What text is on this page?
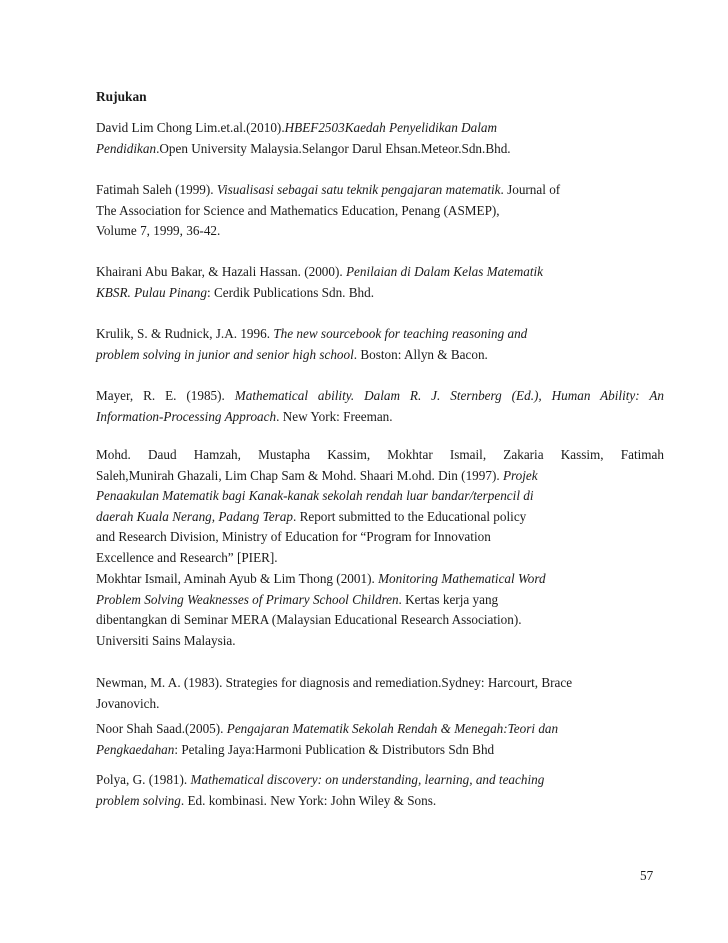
Rujukan
David Lim Chong Lim.et.al.(2010).HBEF2503Kaedah Penyelidikan Dalam
Pendidikan.Open University Malaysia.Selangor Darul Ehsan.Meteor.Sdn.Bhd.
Fatimah Saleh (1999). Visualisasi sebagai satu teknik pengajaran matematik. Journal of
The Association for Science and Mathematics Education, Penang (ASMEP),
Volume 7, 1999, 36-42.
Khairani Abu Bakar, & Hazali Hassan. (2000). Penilaian di Dalam Kelas Matematik
KBSR. Pulau Pinang: Cerdik Publications Sdn. Bhd.
Krulik, S. & Rudnick, J.A. 1996. The new sourcebook for teaching reasoning and
problem solving in junior and senior high school. Boston: Allyn & Bacon.
Mayer, R. E. (1985). Mathematical ability. Dalam R. J. Sternberg (Ed.), Human Ability: An
Information-Processing Approach. New York: Freeman.
Mohd. Daud Hamzah, Mustapha Kassim, Mokhtar Ismail, Zakaria Kassim, Fatimah
Saleh,Munirah Ghazali, Lim Chap Sam & Mohd. Shaari M.ohd. Din (1997). Projek
Penaakulan Matematik bagi Kanak-kanak sekolah rendah luar bandar/terpencil di
daerah Kuala Nerang, Padang Terap. Report submitted to the Educational policy
and Research Division, Ministry of Education for “Program for Innovation
Excellence and Research” [PIER].
Mokhtar Ismail, Aminah Ayub & Lim Thong (2001). Monitoring Mathematical Word
Problem Solving Weaknesses of Primary School Children. Kertas kerja yang
dibentangkan di Seminar MERA (Malaysian Educational Research Association).
Universiti Sains Malaysia.
Newman, M. A. (1983). Strategies for diagnosis and remediation.Sydney: Harcourt, Brace
Jovanovich.
Noor Shah Saad.(2005). Pengajaran Matematik Sekolah Rendah & Menegah:Teori dan
Pengkaedahan: Petaling Jaya:Harmoni Publication & Distributors Sdn Bhd
Polya, G. (1981). Mathematical discovery: on understanding, learning, and teaching
problem solving. Ed. kombinasi. New York: John Wiley & Sons.
57
